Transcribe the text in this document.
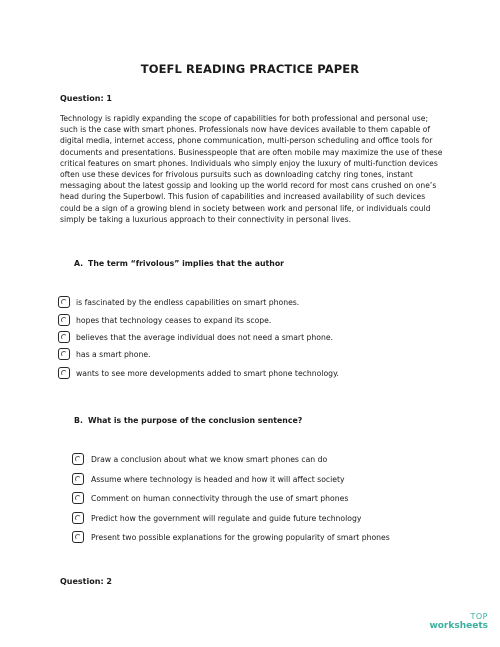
TOEFL READING PRACTICE PAPER
Question: 1

Technology is rapidly expanding the scope of capabilities for both professional and personal use; such is the case with smart phones. Professionals now have devices available to them capable of digital media, internet access, phone communication, multi-person scheduling and office tools for documents and presentations. Businesspeople that are often mobile may maximize the use of these critical features on smart phones. Individuals who simply enjoy the luxury of multi-function devices often use these devices for frivolous pursuits such as downloading catchy ring tones, instant messaging about the latest gossip and looking up the world record for most cans crushed on one’s head during the Superbowl. This fusion of capabilities and increased availability of such devices could be a sign of a growing blend in society between work and personal life, or individuals could simply be taking a luxurious approach to their connectivity in personal lives.

A. The term “frivolous” implies that the author
is fascinated by the endless capabilities on smart phones.
hopes that technology ceases to expand its scope.
believes that the average individual does not need a smart phone.
has a smart phone.
wants to see more developments added to smart phone technology.
B. What is the purpose of the conclusion sentence?
Draw a conclusion about what we know smart phones can do
Assume where technology is headed and how it will affect society
Comment on human connectivity through the use of smart phones
Predict how the government will regulate and guide future technology
Present two possible explanations for the growing popularity of smart phones
Question: 2
TOP
worksheets
